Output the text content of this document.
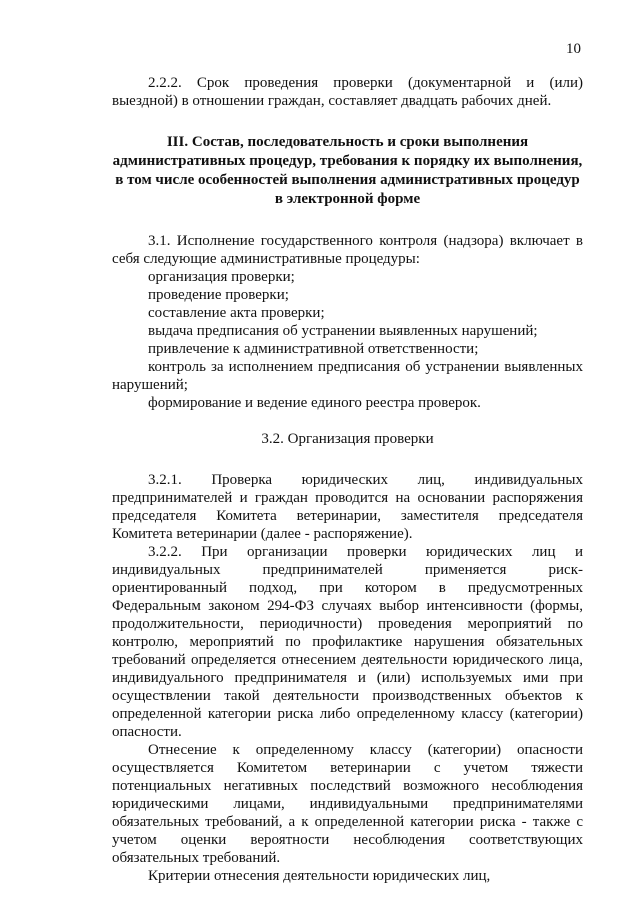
10

2.2.2. Срок проведения проверки (документарной и (или) выездной) в отношении граждан, составляет двадцать рабочих дней.

III. Состав, последовательность и сроки выполнения административных процедур, требования к порядку их выполнения, в том числе особенностей выполнения административных процедур в электронной форме

3.1. Исполнение государственного контроля (надзора) включает в себя следующие административные процедуры:

организация проверки;

проведение проверки;

составление акта проверки;

выдача предписания об устранении выявленных нарушений;

привлечение к административной ответственности;

контроль за исполнением предписания об устранении выявленных нарушений;

формирование и ведение единого реестра проверок.

3.2. Организация проверки

3.2.1. Проверка юридических лиц, индивидуальных предпринимателей и граждан проводится на основании распоряжения председателя Комитета ветеринарии, заместителя председателя Комитета ветеринарии (далее - распоряжение).

3.2.2. При организации проверки юридических лиц и индивидуальных предпринимателей применяется риск-ориентированный подход, при котором в предусмотренных Федеральным законом 294-ФЗ случаях выбор интенсивности (формы, продолжительности, периодичности) проведения мероприятий по контролю, мероприятий по профилактике нарушения обязательных требований определяется отнесением деятельности юридического лица, индивидуального предпринимателя и (или) используемых ими при осуществлении такой деятельности производственных объектов к определенной категории риска либо определенному классу (категории) опасности.

Отнесение к определенному классу (категории) опасности осуществляется Комитетом ветеринарии с учетом тяжести потенциальных негативных последствий возможного несоблюдения юридическими лицами, индивидуальными предпринимателями обязательных требований, а к определенной категории риска - также с учетом оценки вероятности несоблюдения соответствующих обязательных требований.

Критерии отнесения деятельности юридических лиц,
